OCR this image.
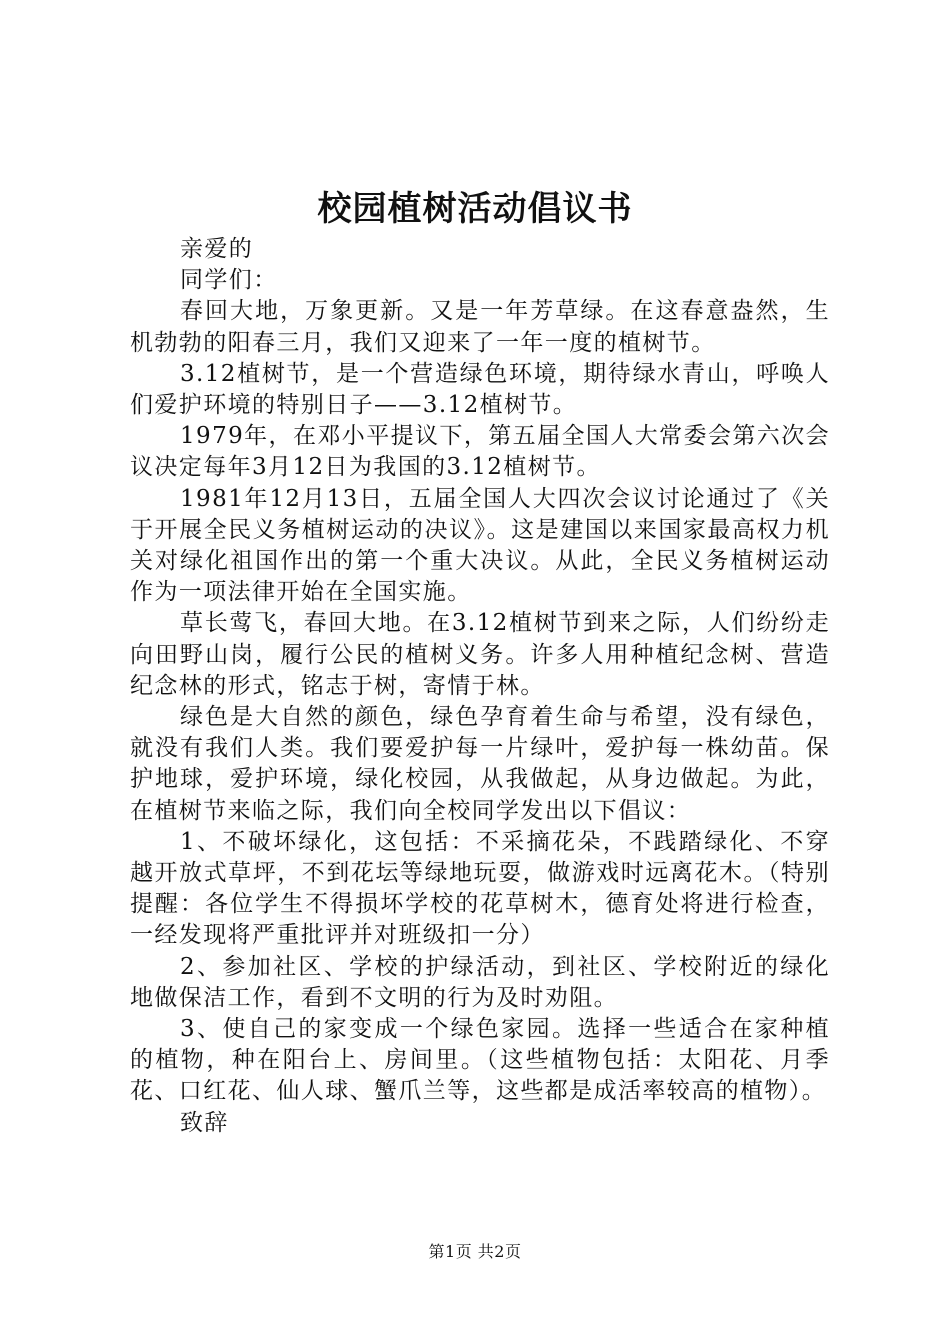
校园植树活动倡议书

亲爱的

同学们：

春回大地，万象更新。又是一年芳草绿。在这春意盎然，生机勃勃的阳春三月，我们又迎来了一年一度的植树节。

3.12植树节，是一个营造绿色环境，期待绿水青山，呼唤人们爱护环境的特别日子——3.12植树节。

1979年，在邓小平提议下，第五届全国人大常委会第六次会议决定每年3月12日为我国的3.12植树节。

1981年12月13日，五届全国人大四次会议讨论通过了《关于开展全民义务植树运动的决议》。这是建国以来国家最高权力机关对绿化祖国作出的第一个重大决议。从此，全民义务植树运动作为一项法律开始在全国实施。

草长莺飞，春回大地。在3.12植树节到来之际，人们纷纷走向田野山岗，履行公民的植树义务。许多人用种植纪念树、营造纪念林的形式，铭志于树，寄情于林。

绿色是大自然的颜色，绿色孕育着生命与希望，没有绿色，就没有我们人类。我们要爱护每一片绿叶，爱护每一株幼苗。保护地球，爱护环境，绿化校园，从我做起，从身边做起。为此，在植树节来临之际，我们向全校同学发出以下倡议：

1、不破坏绿化，这包括：不采摘花朵，不践踏绿化、不穿越开放式草坪，不到花坛等绿地玩耍，做游戏时远离花木。（特别提醒：各位学生不得损坏学校的花草树木，德育处将进行检查，一经发现将严重批评并对班级扣一分）

2、参加社区、学校的护绿活动，到社区、学校附近的绿化地做保洁工作，看到不文明的行为及时劝阻。

3、使自己的家变成一个绿色家园。选择一些适合在家种植的植物，种在阳台上、房间里。（这些植物包括：太阳花、月季花、口红花、仙人球、蟹爪兰等，这些都是成活率较高的植物）。

致辞

第1页 共2页
